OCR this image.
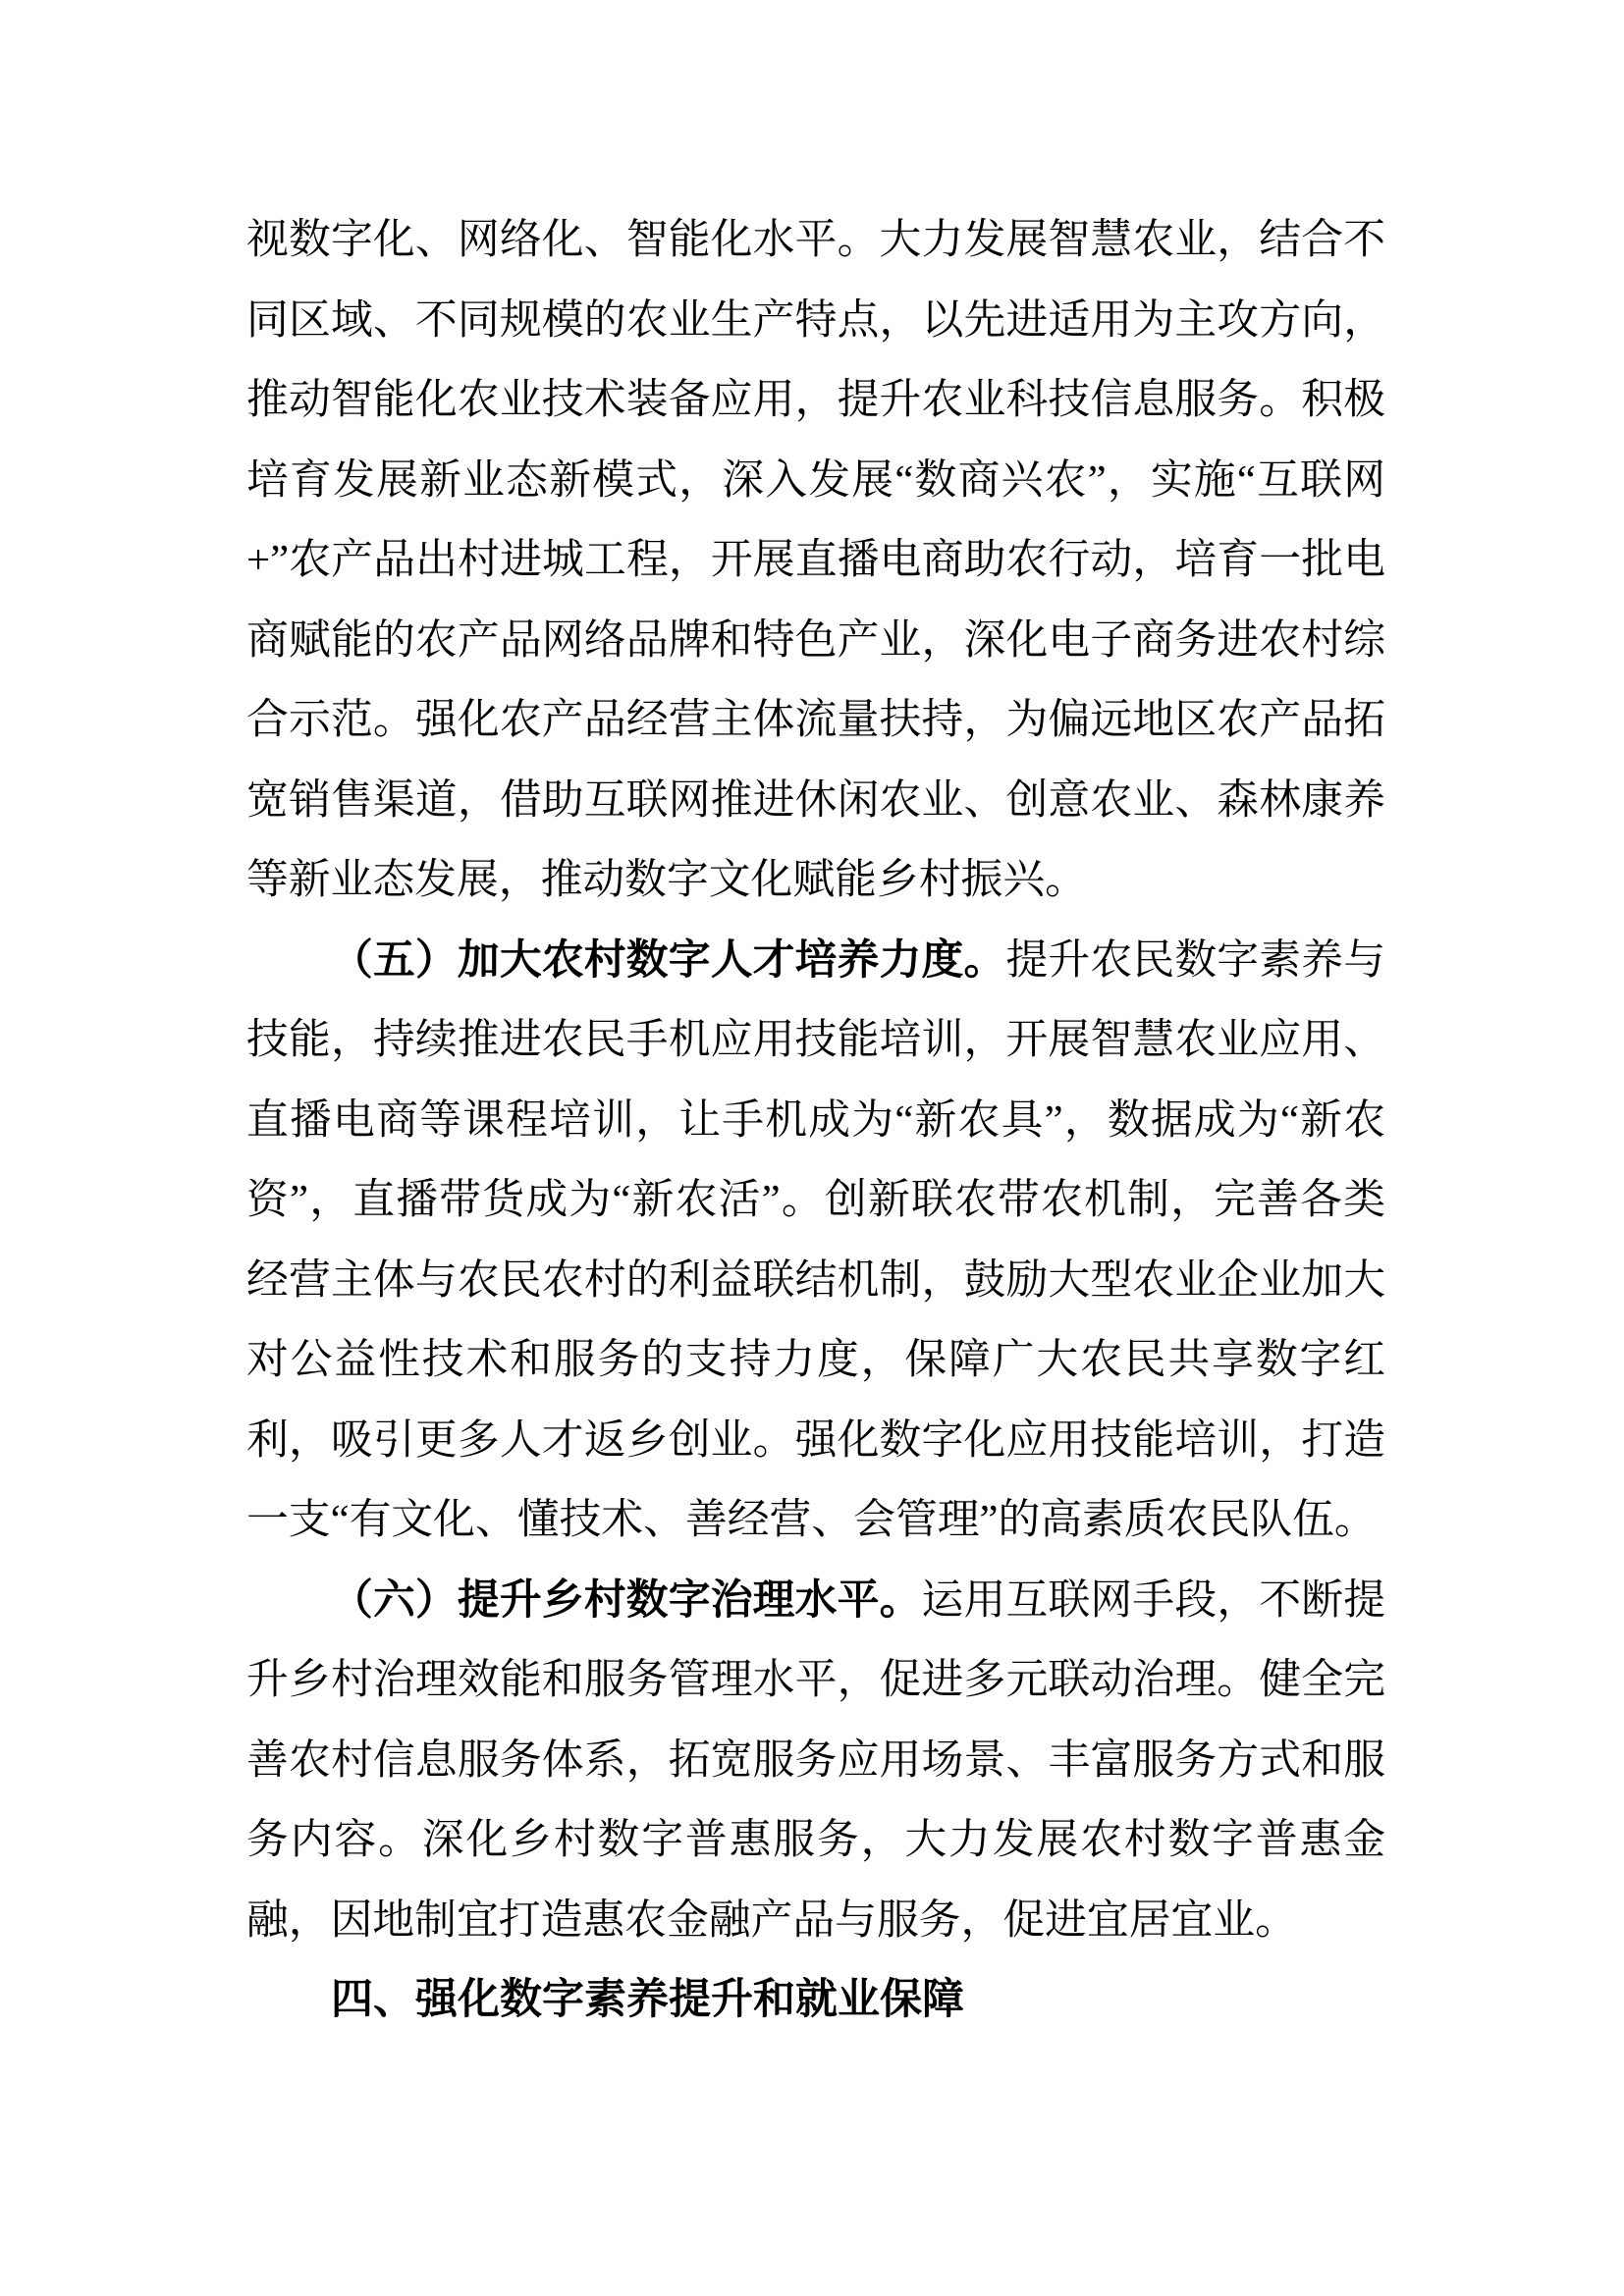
视数字化、网络化、智能化水平。大力发展智慧农业，结合不同区域、不同规模的农业生产特点，以先进适用为主攻方向，推动智能化农业技术装备应用，提升农业科技信息服务。积极培育发展新业态新模式，深入发展“数商兴农”，实施“互联网+”农产品出村进城工程，开展直播电商助农行动，培育一批电商赋能的农产品网络品牌和特色产业，深化电子商务进农村综合示范。强化农产品经营主体流量扶持，为偏远地区农产品拓宽销售渠道，借助互联网推进休闲农业、创意农业、森林康养等新业态发展，推动数字文化赋能乡村振兴。

（五）加大农村数字人才培养力度。提升农民数字素养与技能，持续推进农民手机应用技能培训，开展智慧农业应用、直播电商等课程培训，让手机成为“新农具”，数据成为“新农资”，直播带货成为“新农活”。创新联农带农机制，完善各类经营主体与农民农村的利益联结机制，鼓励大型农业企业加大对公益性技术和服务的支持力度，保障广大农民共享数字红利，吸引更多人才返乡创业。强化数字化应用技能培训，打造一支“有文化、懂技术、善经营、会管理”的高素质农民队伍。

（六）提升乡村数字治理水平。运用互联网手段，不断提升乡村治理效能和服务管理水平，促进多元联动治理。健全完善农村信息服务体系，拓宽服务应用场景、丰富服务方式和服务内容。深化乡村数字普惠服务，大力发展农村数字普惠金融，因地制宜打造惠农金融产品与服务，促进宜居宜业。

四、强化数字素养提升和就业保障
